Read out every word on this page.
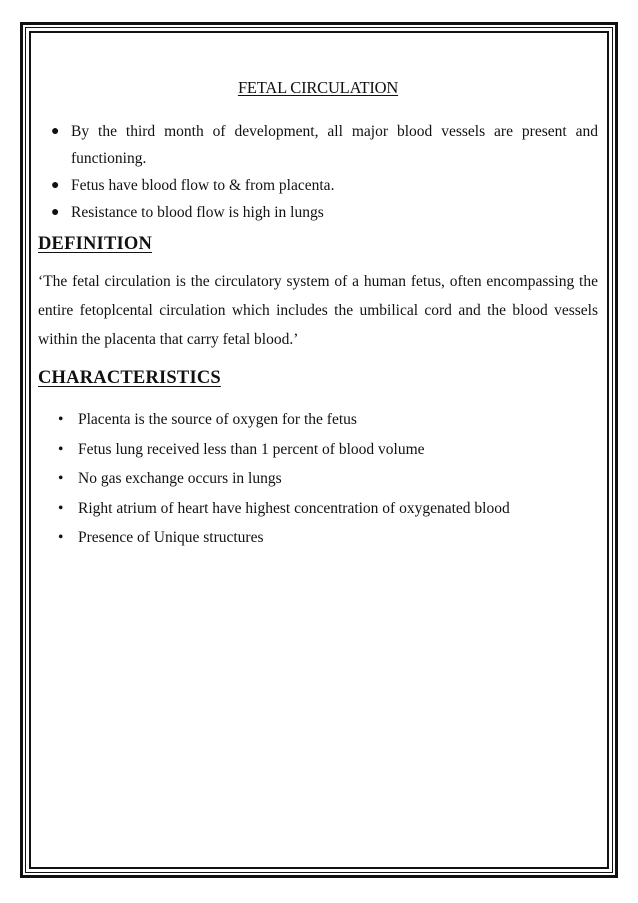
FETAL CIRCULATION
● By the third month of development, all major blood vessels are present and functioning.
● Fetus have blood flow to & from placenta.
● Resistance to blood flow is high in lungs
DEFINITION

‘The fetal circulation is the circulatory system of a human fetus, often encompassing the entire fetoplcental circulation which includes the umbilical cord and the blood vessels within the placenta that carry fetal blood.’

CHARACTERISTICS
• Placenta is the source of oxygen for the fetus
• Fetus lung received less than 1 percent of blood volume
• No gas exchange occurs in lungs
• Right atrium of heart have highest concentration of oxygenated blood
• Presence of Unique structures
